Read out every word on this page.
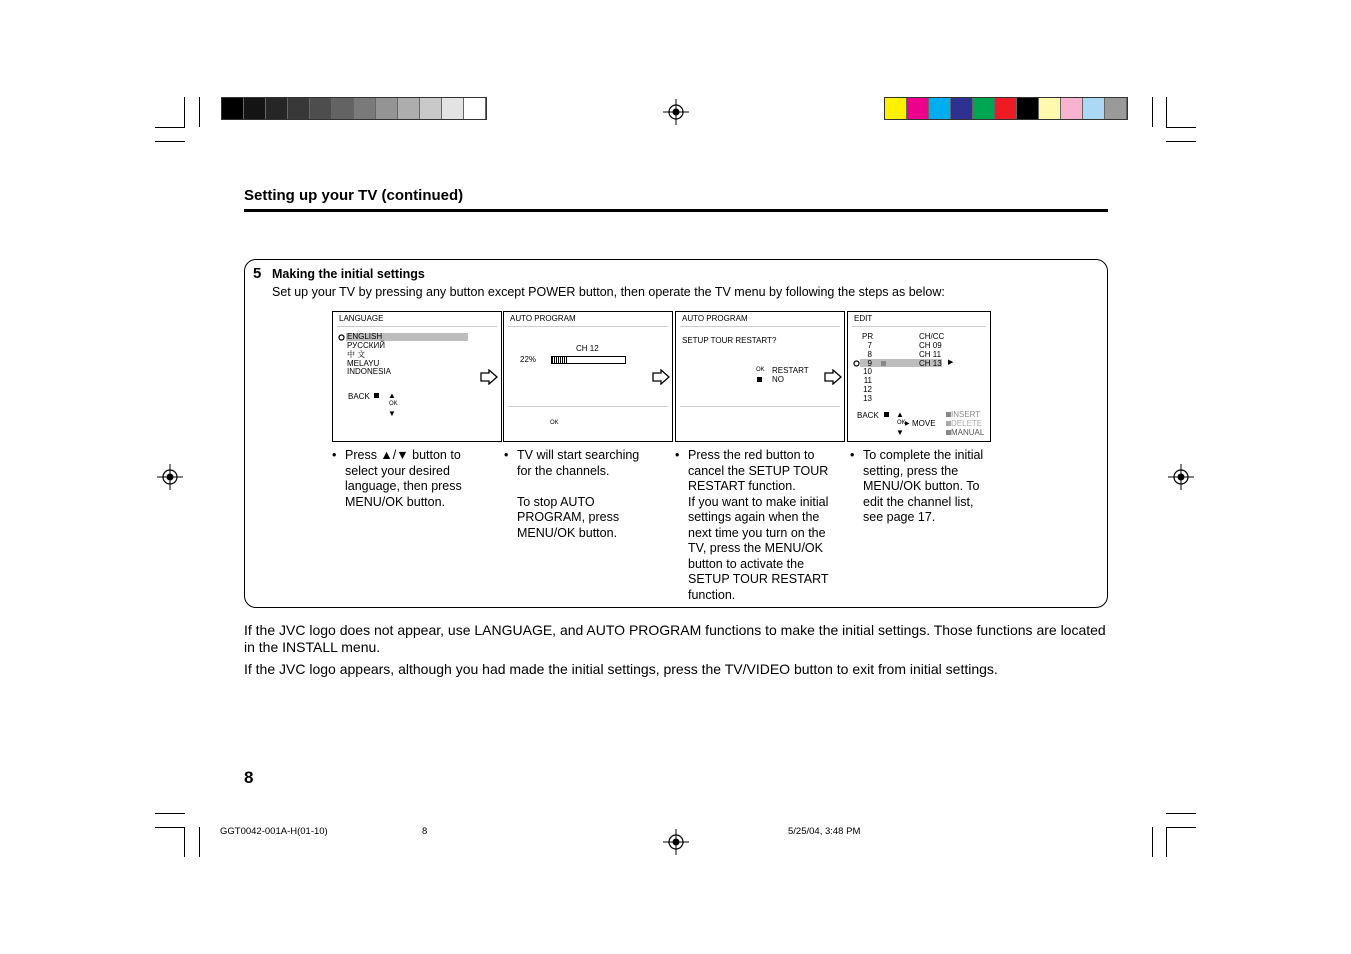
Setting up your TV (continued)
5 Making the initial settings
Set up your TV by pressing any button except POWER button, then operate the TV menu by following the steps as below:
LANGUAGE
ENGLISH
РУССКИЙ
中 文
MELAYU
INDONESIA
BACK ▲
OK
▼
AUTO PROGRAM
CH 12
22%
OK
AUTO PROGRAM
SETUP TOUR RESTART?
OK RESTART
NO
EDIT
PR	CH/CC
▶
7	CH 09
8	CH 11
9	CH 13
10
11
12
13
BACK ▲
OK ▶ MOVE
▼
INSERT
DELETE
MANUAL
• Press ▲/▼ button to
select your desired
language, then press
MENU/OK button.
• TV will start searching
for the channels.

To stop AUTO
PROGRAM, press
MENU/OK button.
• Press the red button to
cancel the SETUP TOUR
RESTART function.
If you want to make initial
settings again when the
next time you turn on the
TV, press the MENU/OK
button to activate the
SETUP TOUR RESTART
function.
• To complete the initial
setting, press the
MENU/OK button. To
edit the channel list,
see page 17.
If the JVC logo does not appear, use LANGUAGE, and AUTO PROGRAM functions to make the initial settings. Those functions are located in the INSTALL menu.
If the JVC logo appears, although you had made the initial settings, press the TV/VIDEO button to exit from initial settings.
8
GGT0042-001A-H(01-10)	8	5/25/04, 3:48 PM
